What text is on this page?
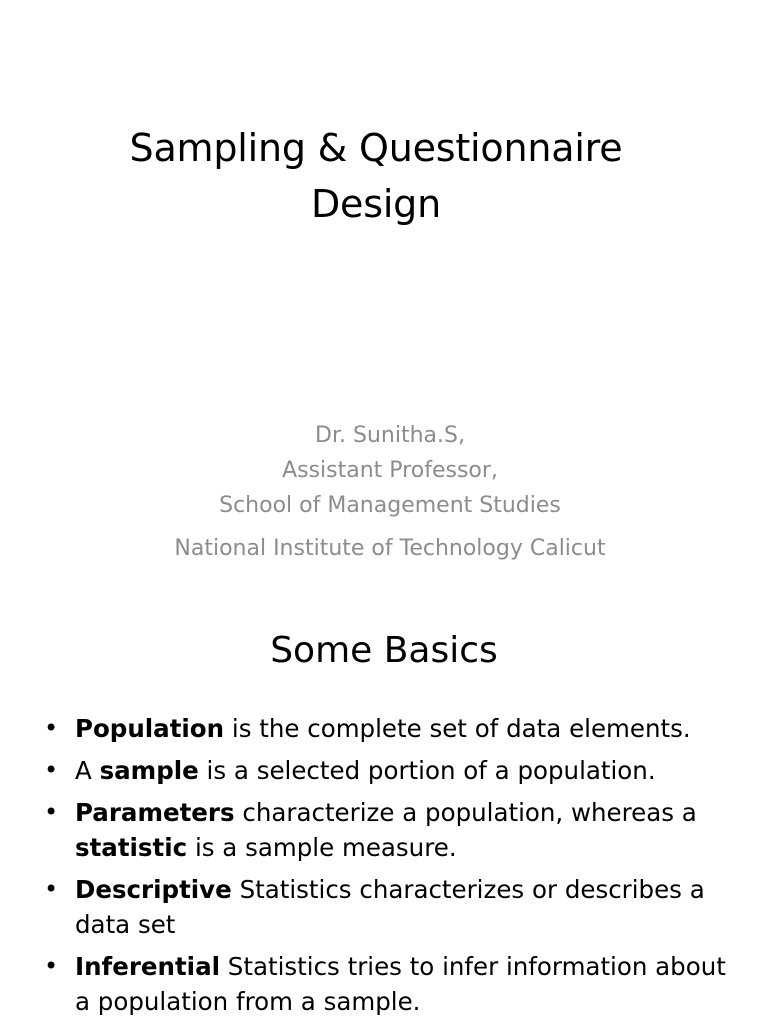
Sampling & Questionnaire
Design
Dr. Sunitha.S,
Assistant Professor,
School of Management Studies
National Institute of Technology Calicut
Some Basics
• Population is the complete set of data elements.
• A sample is a selected portion of a population.
• Parameters characterize a population, whereas a
statistic is a sample measure.
• Descriptive Statistics characterizes or describes a data set
• Inferential Statistics tries to infer information about a population from a sample.
